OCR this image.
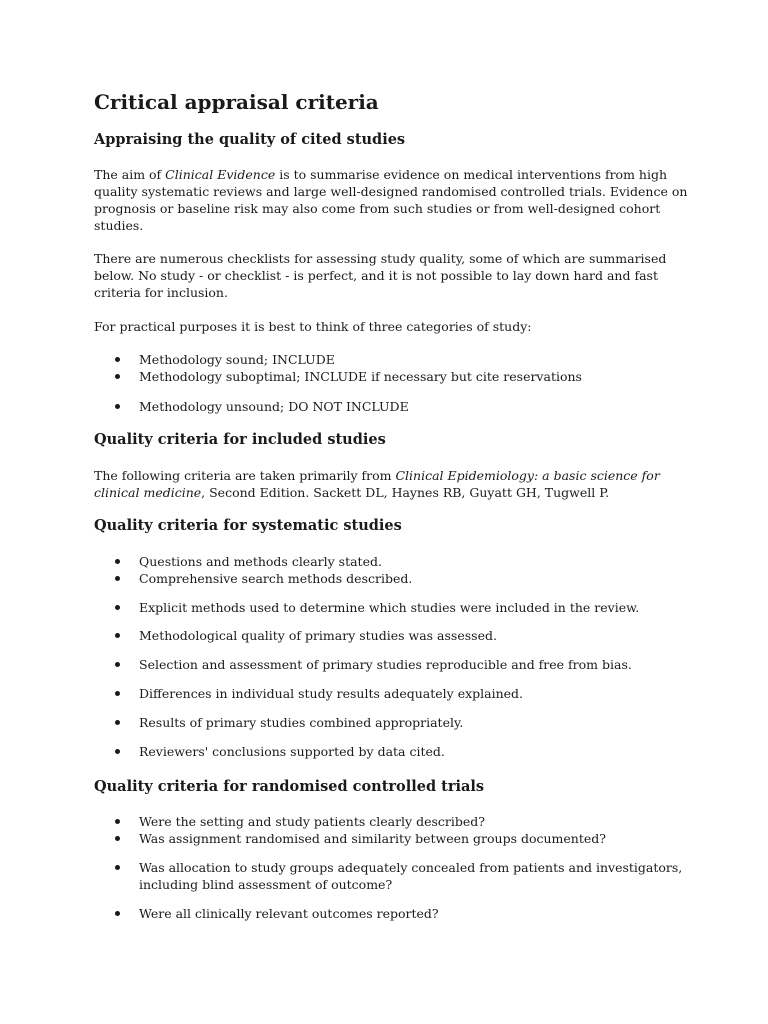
Critical appraisal criteria
Appraising the quality of cited studies

The aim of Clinical Evidence is to summarise evidence on medical interventions from high quality systematic reviews and large well-designed randomised controlled trials. Evidence on prognosis or baseline risk may also come from such studies or from well-designed cohort studies.

There are numerous checklists for assessing study quality, some of which are summarised below. No study - or checklist - is perfect, and it is not possible to lay down hard and fast criteria for inclusion.

For practical purposes it is best to think of three categories of study:

Methodology sound; INCLUDE
Methodology suboptimal; INCLUDE if necessary but cite reservations
Methodology unsound; DO NOT INCLUDE
Quality criteria for included studies

The following criteria are taken primarily from Clinical Epidemiology: a basic science for clinical medicine, Second Edition. Sackett DL, Haynes RB, Guyatt GH, Tugwell P.

Quality criteria for systematic studies
Questions and methods clearly stated.
Comprehensive search methods described.
Explicit methods used to determine which studies were included in the review.
Methodological quality of primary studies was assessed.
Selection and assessment of primary studies reproducible and free from bias.
Differences in individual study results adequately explained.
Results of primary studies combined appropriately.
Reviewers' conclusions supported by data cited.
Quality criteria for randomised controlled trials
Were the setting and study patients clearly described?
Was assignment randomised and similarity between groups documented?
Was allocation to study groups adequately concealed from patients and investigators, including blind assessment of outcome?
Were all clinically relevant outcomes reported?
